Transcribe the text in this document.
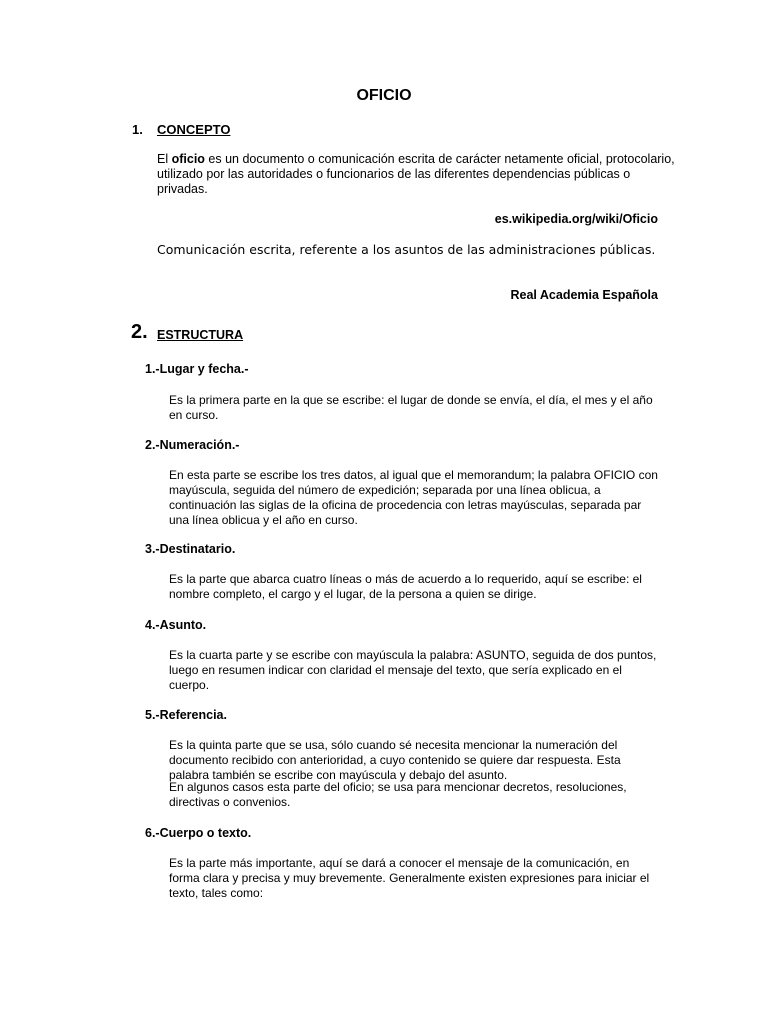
OFICIO
1. CONCEPTO

El oficio es un documento o comunicación escrita de carácter netamente oficial, protocolario, utilizado por las autoridades o funcionarios de las diferentes dependencias públicas o privadas.

es.wikipedia.org/wiki/Oficio

Comunicación escrita, referente a los asuntos de las administraciones públicas.

Real Academia Española
2. ESTRUCTURA
1.-Lugar y fecha.-

Es la primera parte en la que se escribe: el lugar de donde se envía, el día, el mes y el año en curso.

2.-Numeración.-

En esta parte se escribe los tres datos, al igual que el memorandum; la palabra OFICIO con mayúscula, seguida del número de expedición; separada por una línea oblicua, a continuación las siglas de la oficina de procedencia con letras mayúsculas, separada par una línea oblicua y el año en curso.

3.-Destinatario.

Es la parte que abarca cuatro líneas o más de acuerdo a lo requerido, aquí se escribe: el nombre completo, el cargo y el lugar, de la persona a quien se dirige.

4.-Asunto.

Es la cuarta parte y se escribe con mayúscula la palabra: ASUNTO, seguida de dos puntos, luego en resumen indicar con claridad el mensaje del texto, que sería explicado en el cuerpo.

5.-Referencia.

Es la quinta parte que se usa, sólo cuando sé necesita mencionar la numeración del documento recibido con anterioridad, a cuyo contenido se quiere dar respuesta. Esta palabra también se escribe con mayúscula y debajo del asunto.

En algunos casos esta parte del oficio; se usa para mencionar decretos, resoluciones, directivas o convenios.

6.-Cuerpo o texto.

Es la parte más importante, aquí se dará a conocer el mensaje de la comunicación, en forma clara y precisa y muy brevemente. Generalmente existen expresiones para iniciar el texto, tales como:
